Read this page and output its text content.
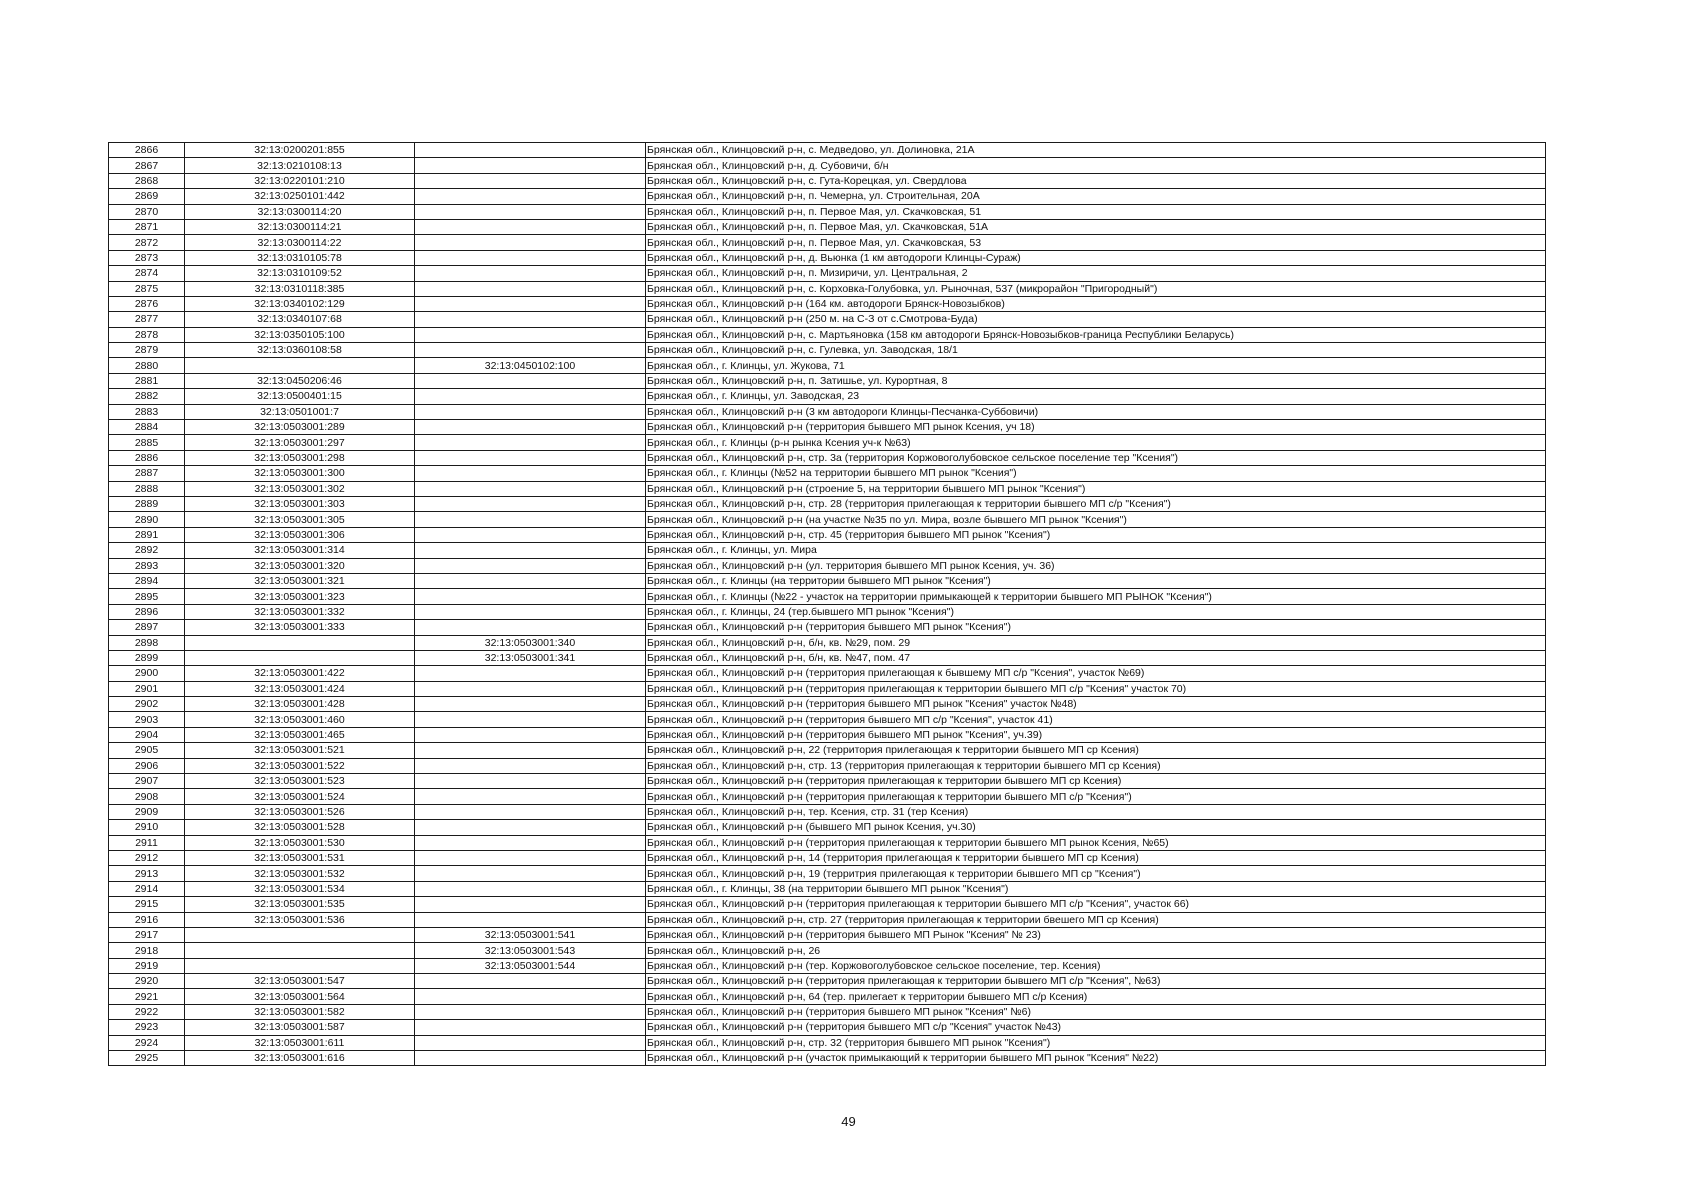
2866	32:13:0200201:855		Брянская обл., Клинцовский р-н, с. Медведово, ул. Долиновка, 21А
2867	32:13:0210108:13		Брянская обл., Клинцовский р-н, д. Субовичи, б/н
2868	32:13:0220101:210		Брянская обл., Клинцовский р-н, с. Гута-Корецкая, ул. Свердлова
2869	32:13:0250101:442		Брянская обл., Клинцовский р-н, п. Чемерна, ул. Строительная, 20А
2870	32:13:0300114:20		Брянская обл., Клинцовский р-н, п. Первое Мая, ул. Скачковская, 51
2871	32:13:0300114:21		Брянская обл., Клинцовский р-н, п. Первое Мая, ул. Скачковская, 51А
2872	32:13:0300114:22		Брянская обл., Клинцовский р-н, п. Первое Мая, ул. Скачковская, 53
2873	32:13:0310105:78		Брянская обл., Клинцовский р-н, д. Вьюнка (1 км автодороги Клинцы-Сураж)
2874	32:13:0310109:52		Брянская обл., Клинцовский р-н, п. Мизиричи, ул. Центральная, 2
2875	32:13:0310118:385		Брянская обл., Клинцовский р-н, с. Корховка-Голубовка, ул. Рыночная, 537 (микрорайон "Пригородный")
2876	32:13:0340102:129		Брянская обл., Клинцовский р-н (164 км. автодороги Брянск-Новозыбков)
2877	32:13:0340107:68		Брянская обл., Клинцовский р-н (250 м. на С-З от с.Смотрова-Буда)
2878	32:13:0350105:100		Брянская обл., Клинцовский р-н, с. Мартьяновка (158 км автодороги Брянск-Новозыбков-граница Республики Беларусь)
2879	32:13:0360108:58		Брянская обл., Клинцовский р-н, с. Гулевка, ул. Заводская, 18/1
2880		32:13:0450102:100	Брянская обл., г. Клинцы, ул. Жукова, 71
2881	32:13:0450206:46		Брянская обл., Клинцовский р-н, п. Затишье, ул. Курортная, 8
2882	32:13:0500401:15		Брянская обл., г. Клинцы, ул. Заводская, 23
2883	32:13:0501001:7		Брянская обл., Клинцовский р-н (3 км автодороги Клинцы-Песчанка-Суббовичи)
2884	32:13:0503001:289		Брянская обл., Клинцовский р-н (территория бывшего МП рынок Ксения, уч 18)
2885	32:13:0503001:297		Брянская обл., г. Клинцы (р-н рынка Ксения уч-к №63)
2886	32:13:0503001:298		Брянская обл., Клинцовский р-н, стр. 3а (территория Коржовоголубовское сельское поселение тер "Ксения")
2887	32:13:0503001:300		Брянская обл., г. Клинцы (№52 на территории бывшего МП рынок "Ксения")
2888	32:13:0503001:302		Брянская обл., Клинцовский р-н (строение 5, на территории бывшего МП рынок "Ксения")
2889	32:13:0503001:303		Брянская обл., Клинцовский р-н, стр. 28 (территория прилегающая к территории бывшего МП с/р "Ксения")
2890	32:13:0503001:305		Брянская обл., Клинцовский р-н (на участке №35 по ул. Мира, возле бывшего МП рынок "Ксения")
2891	32:13:0503001:306		Брянская обл., Клинцовский р-н, стр. 45 (территория бывшего МП рынок "Ксения")
2892	32:13:0503001:314		Брянская обл., г. Клинцы, ул. Мира
2893	32:13:0503001:320		Брянская обл., Клинцовский р-н (ул. территория бывшего МП рынок Ксения, уч. 36)
2894	32:13:0503001:321		Брянская обл., г. Клинцы (на территории бывшего МП рынок "Ксения")
2895	32:13:0503001:323		Брянская обл., г. Клинцы (№22 - участок на территории примыкающей к территории бывшего МП РЫНОК "Ксения")
2896	32:13:0503001:332		Брянская обл., г. Клинцы, 24 (тер.бывшего МП рынок "Ксения")
2897	32:13:0503001:333		Брянская обл., Клинцовский р-н (территория бывшего МП рынок "Ксения")
2898		32:13:0503001:340	Брянская обл., Клинцовский р-н, б/н, кв. №29, пом. 29
2899		32:13:0503001:341	Брянская обл., Клинцовский р-н, б/н, кв. №47, пом. 47
2900	32:13:0503001:422		Брянская обл., Клинцовский р-н (территория прилегающая к бывшему МП с/р "Ксения", участок №69)
2901	32:13:0503001:424		Брянская обл., Клинцовский р-н (территория прилегающая к территории бывшего МП с/р "Ксения" участок 70)
2902	32:13:0503001:428		Брянская обл., Клинцовский р-н (территория бывшего МП рынок "Ксения" участок №48)
2903	32:13:0503001:460		Брянская обл., Клинцовский р-н (территория бывшего МП с/р "Ксения", участок 41)
2904	32:13:0503001:465		Брянская обл., Клинцовский р-н (территория бывшего МП рынок "Ксения", уч.39)
2905	32:13:0503001:521		Брянская обл., Клинцовский р-н, 22 (территория прилегающая к территории бывшего МП ср Ксения)
2906	32:13:0503001:522		Брянская обл., Клинцовский р-н, стр. 13 (территория прилегающая к территории бывшего МП ср Ксения)
2907	32:13:0503001:523		Брянская обл., Клинцовский р-н (территория прилегающая к территории бывшего МП ср Ксения)
2908	32:13:0503001:524		Брянская обл., Клинцовский р-н (территория прилегающая к территории бывшего МП с/р "Ксения")
2909	32:13:0503001:526		Брянская обл., Клинцовский р-н, тер. Ксения, стр. 31 (тер Ксения)
2910	32:13:0503001:528		Брянская обл., Клинцовский р-н (бывшего МП рынок Ксения, уч.30)
2911	32:13:0503001:530		Брянская обл., Клинцовский р-н (территория прилегающая к территории бывшего МП рынок Ксения, №65)
2912	32:13:0503001:531		Брянская обл., Клинцовский р-н, 14 (территория прилегающая к территории бывшего МП ср Ксения)
2913	32:13:0503001:532		Брянская обл., Клинцовский р-н, 19 (территрия прилегающая к территории бывшего МП ср "Ксения")
2914	32:13:0503001:534		Брянская обл., г. Клинцы, 38 (на территории бывшего МП рынок "Ксения")
2915	32:13:0503001:535		Брянская обл., Клинцовский р-н (территория прилегающая к территории бывшего МП с/р "Ксения", участок 66)
2916	32:13:0503001:536		Брянская обл., Клинцовский р-н, стр. 27 (территория прилегающая к территории бвешего МП ср Ксения)
2917		32:13:0503001:541	Брянская обл., Клинцовский р-н (территория бывшего МП Рынок "Ксения" № 23)
2918		32:13:0503001:543	Брянская обл., Клинцовский р-н, 26
2919		32:13:0503001:544	Брянская обл., Клинцовский р-н (тер. Коржовоголубовское сельское поселение, тер. Ксения)
2920	32:13:0503001:547		Брянская обл., Клинцовский р-н (территория прилегающая к территории бывшего МП с/р "Ксения", №63)
2921	32:13:0503001:564		Брянская обл., Клинцовский р-н, 64 (тер. прилегает к территории бывшего МП с/р Ксения)
2922	32:13:0503001:582		Брянская обл., Клинцовский р-н (территория бывшего МП рынок "Ксения" №6)
2923	32:13:0503001:587		Брянская обл., Клинцовский р-н (территория бывшего МП с/р "Ксения" участок №43)
2924	32:13:0503001:611		Брянская обл., Клинцовский р-н, стр. 32 (территория бывшего МП рынок "Ксения")
2925	32:13:0503001:616		Брянская обл., Клинцовский р-н (участок примыкающий к территории бывшего МП рынок "Ксения" №22)
49
